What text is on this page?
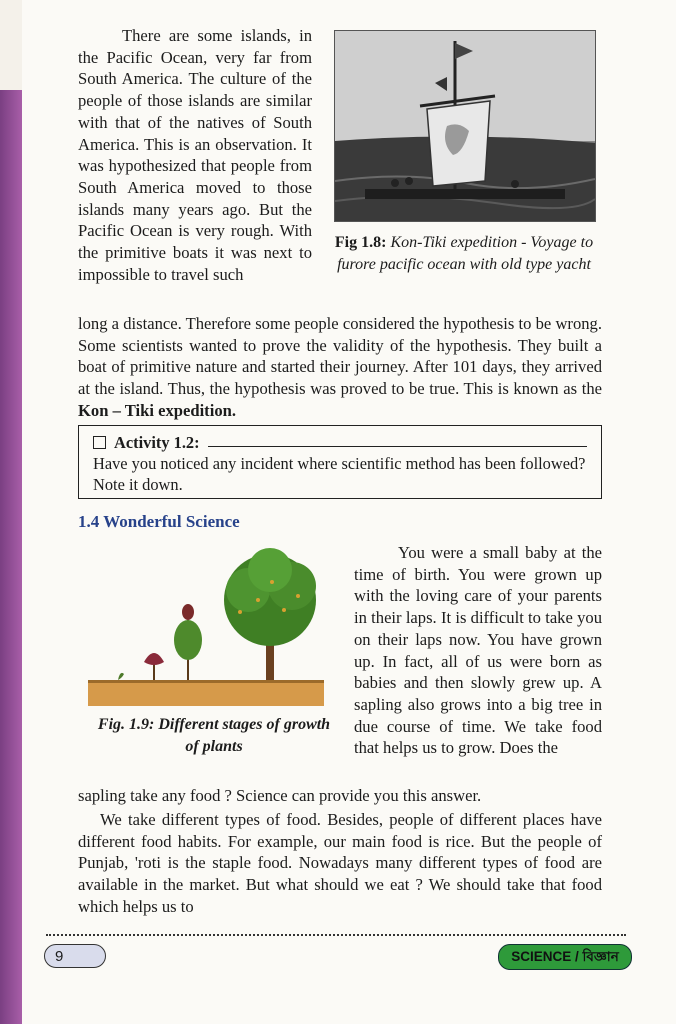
There are some islands, in the Pacific Ocean, very far from South America. The culture of the people of those islands are similar with that of the natives of South America. This is an observation. It was hypothesized that people from South America moved to those islands many years ago. But the Pacific Ocean is very rough. With the primitive boats it was next to impossible to travel such
Fig 1.8: Kon-Tiki expedition - Voyage to furore pacific ocean with old type yacht
long a distance. Therefore some people considered the hypothesis to be wrong. Some scientists wanted to prove the validity of the hypothesis. They built a boat of primitive nature and started their journey. After 101 days, they arrived at the island. Thus, the hypothesis was proved to be true. This is known as the Kon – Tiki expedition.
Activity 1.2:
Have you noticed any incident where scientific method has been followed? Note it down.
1.4 Wonderful Science
Fig. 1.9: Different stages of growth of plants
You were a small baby at the time of birth. You were grown up with the loving care of your parents in their laps. It is difficult to take you on their laps now. You have grown up. In fact, all of us were born as babies and then slowly grew up. A sapling also grows into a big tree in due course of time. We take food that helps us to grow. Does the
sapling take any food ? Science can provide you this answer.
We take different types of food. Besides, people of different places have different food habits. For example, our main food is rice. But the people of Punjab, 'roti is the staple food. Nowadays many different types of food are available in the market. But what should we eat ? We should take that food which helps us to
9	SCIENCE / বিজ্ঞান
